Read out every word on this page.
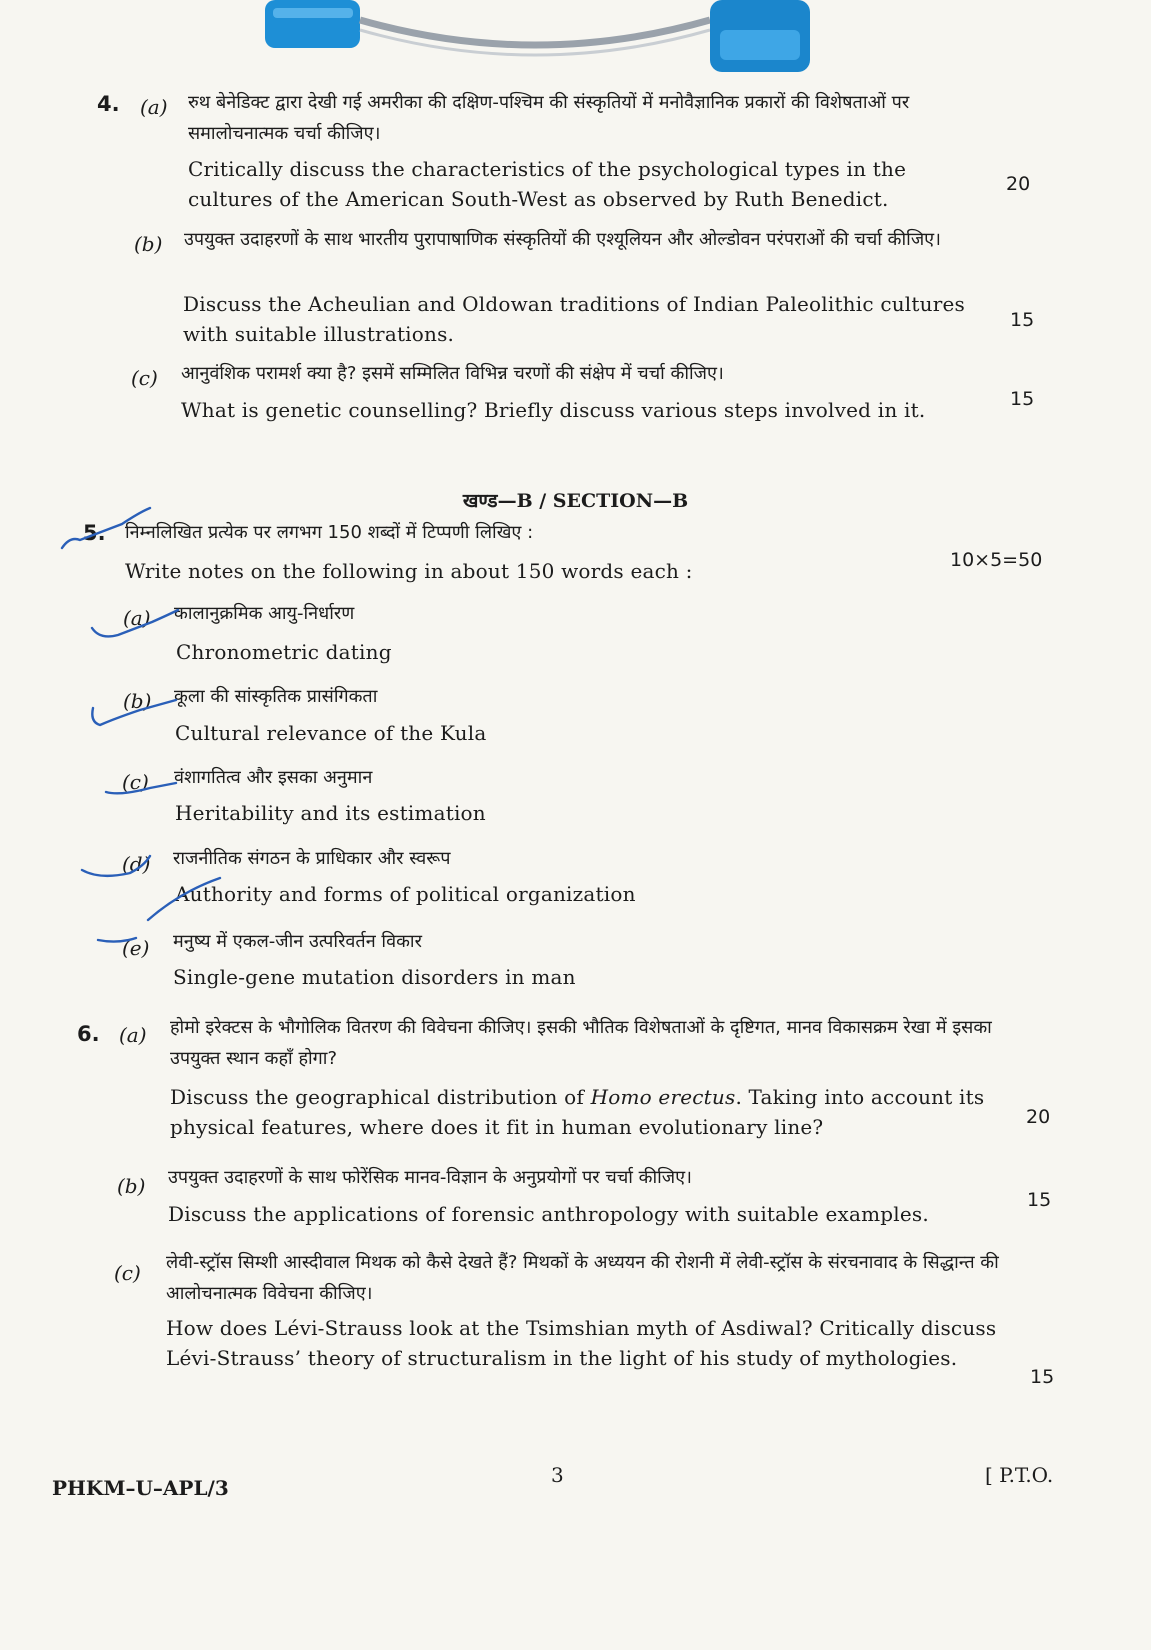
4. (a) रुथ बेनेडिक्ट द्वारा देखी गई अमरीका की दक्षिण-पश्चिम की संस्कृतियों में मनोवैज्ञानिक प्रकारों की विशेषताओं पर समालोचनात्मक चर्चा कीजिए।
Critically discuss the characteristics of the psychological types in the cultures of the American South-West as observed by Ruth Benedict.
20
(b) उपयुक्त उदाहरणों के साथ भारतीय पुरापाषाणिक संस्कृतियों की एश्यूलियन और ओल्डोवन परंपराओं की चर्चा कीजिए।
Discuss the Acheulian and Oldowan traditions of Indian Paleolithic cultures with suitable illustrations.
15
(c) आनुवंशिक परामर्श क्या है? इसमें सम्मिलित विभिन्न चरणों की संक्षेप में चर्चा कीजिए।
What is genetic counselling? Briefly discuss various steps involved in it.	15
खण्ड—B / SECTION—B
5. निम्नलिखित प्रत्येक पर लगभग 150 शब्दों में टिप्पणी लिखिए :
Write notes on the following in about 150 words each :	10×5=50
(a) कालानुक्रमिक आयु-निर्धारण
Chronometric dating
(b) कूला की सांस्कृतिक प्रासंगिकता
Cultural relevance of the Kula
(c) वंशागतित्व और इसका अनुमान
Heritability and its estimation
(d) राजनीतिक संगठन के प्राधिकार और स्वरूप
Authority and forms of political organization
(e) मनुष्य में एकल-जीन उत्परिवर्तन विकार
Single-gene mutation disorders in man
6. (a) होमो इरेक्टस के भौगोलिक वितरण की विवेचना कीजिए। इसकी भौतिक विशेषताओं के दृष्टिगत, मानव विकासक्रम रेखा में इसका उपयुक्त स्थान कहाँ होगा?
Discuss the geographical distribution of Homo erectus. Taking into account its physical features, where does it fit in human evolutionary line?	20
(b) उपयुक्त उदाहरणों के साथ फोरेंसिक मानव-विज्ञान के अनुप्रयोगों पर चर्चा कीजिए।
Discuss the applications of forensic anthropology with suitable examples.
15
(c) लेवी-स्ट्रॉस सिम्शी आस्दीवाल मिथक को कैसे देखते हैं? मिथकों के अध्ययन की रोशनी में लेवी-स्ट्रॉस के संरचनावाद के सिद्धान्त की आलोचनात्मक विवेचना कीजिए।
How does Lévi-Strauss look at the Tsimshian myth of Asdiwal? Critically discuss Lévi-Strauss’ theory of structuralism in the light of his study of mythologies.
15
PHKM–U–APL/3
3	[ P.T.O.
